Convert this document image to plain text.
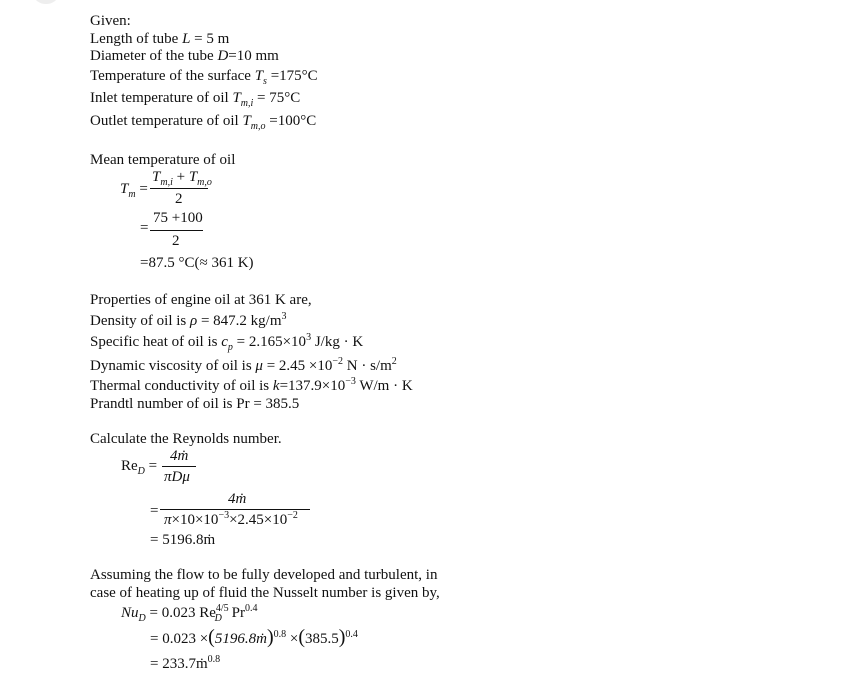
Given:
Length of tube L = 5 m
Diameter of the tube D=10 mm
Temperature of the surface $T_s =175^\circ C$
Inlet temperature of oil $T_{m,i} = 75^\circ C$
Outlet temperature of oil $T_{m,o} =100^\circ C$
Mean temperature of oil
$T_m$ =
$T_{m,i} + T_{m,o}$
2
=
75 +100
2
=87.5 °C(≈ 361 K)
Properties of engine oil at 361 K are,
Density of oil is ρ = 847.2 $kg/m^3$
Specific heat of oil is $c_p = 2.165\times 10^3$ J/kg · K
Dynamic viscosity of oil is $\mu = 2.45 \times 10^{-2}$ $N \cdot s/m^2$
Thermal conductivity of oil is $k=137.9\times 10^{-3}$ W/m · K
Prandtl number of oil is Pr = 385.5
Calculate the Reynolds number.
$Re_D$ =
4ṁ
πDμ
=
4ṁ
$\pi\times 10\times 10^{-3}\times 2.45\times 10^{-2}$
= 5196.8ṁ
Assuming the flow to be fully developed and turbulent, in
case of heating up of fluid the Nusselt number is given by,
$Nu_D = 0.023$ $Re^{4/5}_D$ $Pr^{0.4}$
= 0.023 ×(5196.8ṁ)$^{0.8}$ $\times(385.5)^{0.4}$
= 233.7ṁ$^{0.8}$
